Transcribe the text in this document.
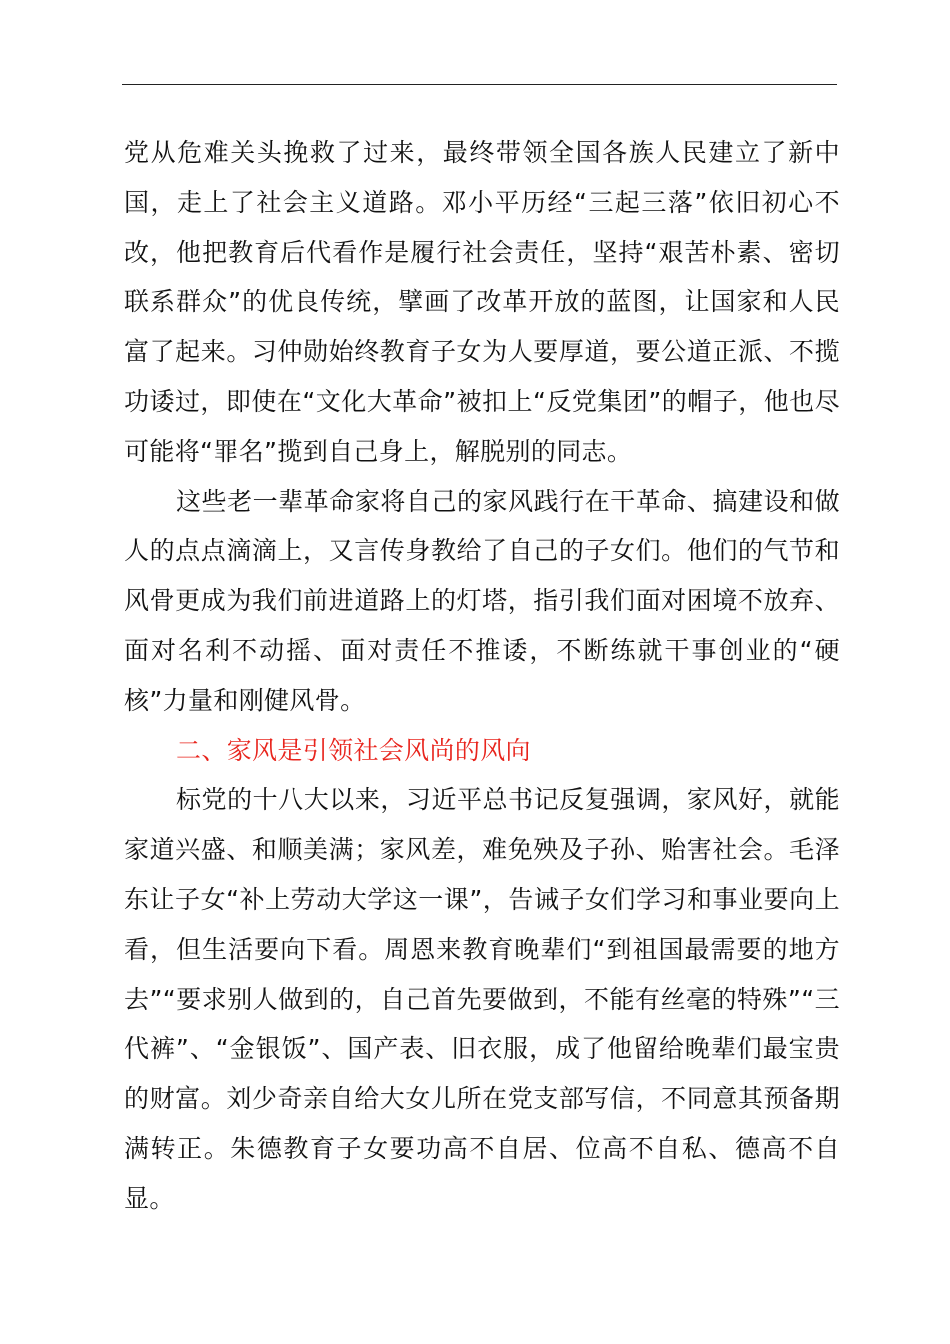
党从危难关头挽救了过来，最终带领全国各族人民建立了新中国，走上了社会主义道路。邓小平历经“三起三落”依旧初心不改，他把教育后代看作是履行社会责任，坚持“艰苦朴素、密切联系群众”的优良传统，擘画了改革开放的蓝图，让国家和人民富了起来。习仲勋始终教育子女为人要厚道，要公道正派、不揽功诿过，即使在“文化大革命”被扣上“反党集团”的帽子，他也尽可能将“罪名”揽到自己身上，解脱别的同志。

这些老一辈革命家将自己的家风践行在干革命、搞建设和做人的点点滴滴上，又言传身教给了自己的子女们。他们的气节和风骨更成为我们前进道路上的灯塔，指引我们面对困境不放弃、面对名利不动摇、面对责任不推诿，不断练就干事创业的“硬核”力量和刚健风骨。

二、家风是引领社会风尚的风向

标党的十八大以来，习近平总书记反复强调，家风好，就能家道兴盛、和顺美满；家风差，难免殃及子孙、贻害社会。毛泽东让子女“补上劳动大学这一课”，告诫子女们学习和事业要向上看，但生活要向下看。周恩来教育晚辈们“到祖国最需要的地方去”“要求别人做到的，自己首先要做到，不能有丝毫的特殊”“三代裤”、“金银饭”、国产表、旧衣服，成了他留给晚辈们最宝贵的财富。刘少奇亲自给大女儿所在党支部写信，不同意其预备期满转正。朱德教育子女要功高不自居、位高不自私、德高不自显。
